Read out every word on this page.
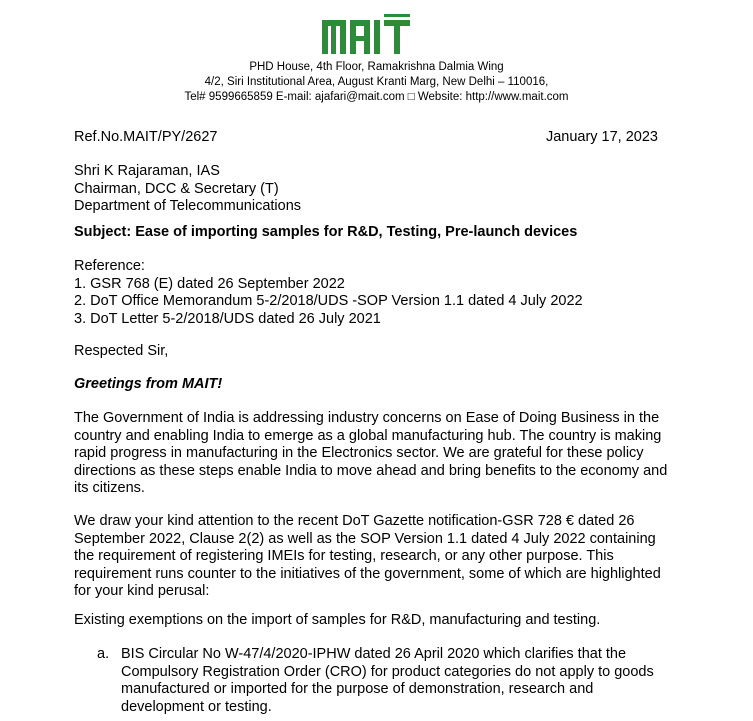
PHD House, 4th Floor, Ramakrishna Dalmia Wing
4/2, Siri Institutional Area, August Kranti Marg, New Delhi – 110016,
Tel# 9599665859 E-mail: ajafari@mait.com □ Website: http://www.mait.com
Ref.No.MAIT/PY/2627	January 17, 2023
Shri K Rajaraman, IAS
Chairman, DCC & Secretary (T)
Department of Telecommunications
Subject: Ease of importing samples for R&D, Testing, Pre-launch devices
Reference:
1. GSR 768 (E) dated 26 September 2022
2. DoT Office Memorandum 5-2/2018/UDS -SOP Version 1.1 dated 4 July 2022
3. DoT Letter 5-2/2018/UDS dated 26 July 2021
Respected Sir,
Greetings from MAIT!
The Government of India is addressing industry concerns on Ease of Doing Business in the
country and enabling India to emerge as a global manufacturing hub. The country is making
rapid progress in manufacturing in the Electronics sector. We are grateful for these policy
directions as these steps enable India to move ahead and bring benefits to the economy and
its citizens.
We draw your kind attention to the recent DoT Gazette notification-GSR 728 € dated 26
September 2022, Clause 2(2) as well as the SOP Version 1.1 dated 4 July 2022 containing
the requirement of registering IMEIs for testing, research, or any other purpose. This
requirement runs counter to the initiatives of the government, some of which are highlighted
for your kind perusal:
Existing exemptions on the import of samples for R&D, manufacturing and testing.
a. BIS Circular No W-47/4/2020-IPHW dated 26 April 2020 which clarifies that the
Compulsory Registration Order (CRO) for product categories do not apply to goods
manufactured or imported for the purpose of demonstration, research and
development or testing.
